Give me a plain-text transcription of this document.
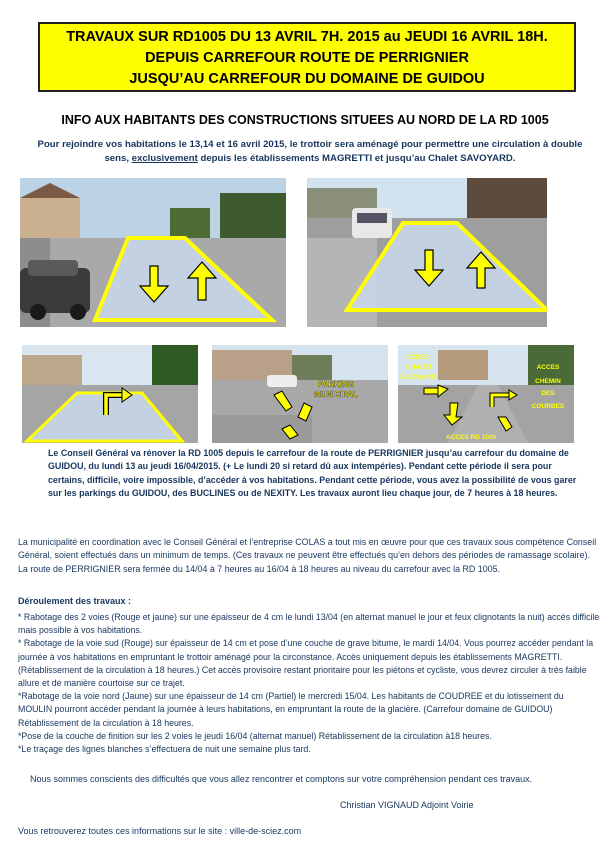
TRAVAUX SUR RD1005 DU 13 AVRIL 7H. 2015 au JEUDI 16 AVRIL 18H.
DEPUIS CARREFOUR ROUTE DE PERRIGNIER
JUSQU’AU CARREFOUR DU DOMAINE DE GUIDOU
INFO AUX HABITANTS DES CONSTRUCTIONS SITUEES AU NORD DE LA RD 1005
Pour rejoindre vos habitations le 13,14 et 16 avril 2015, le trottoir sera aménagé pour permettre une circulation à double sens, exclusivement depuis les établissements MAGRETTI et jusqu’au Chalet SAVOYARD.
PARKING
MUNICIPAL
ACCES
CHALET
SAVOYARD
ACCES
CHEMIN
DES
COURBES
ACCES RD 1005
Le Conseil Général va rénover la RD 1005 depuis le carrefour de la route de PERRIGNIER jusqu’au carrefour du domaine de GUIDOU, du lundi 13 au jeudi 16/04/2015. (+ Le lundi 20 si retard dû aux intempéries). Pendant cette période il sera pour certains, difficile, voire impossible, d’accéder à vos habitations. Pendant cette période, vous avez la possibilité de vous garer sur les parkings du GUIDOU, des BUCLINES ou de NEXITY. Les travaux auront lieu chaque jour, de 7 heures à 18 heures.
La municipalité en coordination avec le Conseil Général et l’entreprise COLAS a tout mis en œuvre pour que ces travaux sous compétence Conseil Général, soient effectués dans un minimum de temps. (Ces travaux ne peuvent être effectués qu’en dehors des périodes de ramassage scolaire). La route de PERRIGNIER sera fermée du 14/04 à 7 heures au 16/04 à 18 heures au niveau du carrefour avec la RD 1005.
Déroulement des travaux :

* Rabotage des 2 voies (Rouge et jaune) sur une épaisseur de 4 cm le lundi 13/04 (en alternat manuel le jour et feux clignotants la nuit) accès difficile mais possible à vos habitations.

* Rabotage de la voie sud (Rouge) sur épaisseur de 14 cm et pose d’une couche de grave bitume, le mardi 14/04. Vous pourrez accéder pendant la journée à vos habitations en empruntant le trottoir aménagé pour la circonstance. Accès uniquement depuis les établissements MAGRETTI. (Rétablissement de la circulation à 18 heures.) Cet accès provisoire restant prioritaire pour les piétons et cycliste, vous devrez circuler à très faible allure et de manière courtoise sur ce trajet.

*Rabotage de la voie nord (Jaune) sur une épaisseur de 14 cm (Partiel) le mercredi 15/04. Les habitants de COUDREE et du lotissement du MOULIN pourront accéder pendant la journée à leurs habitations, en empruntant la route de la glacière. (Carrefour domaine de GUIDOU) Rétablissement de la circulation à 18 heures.

*Pose de la couche de finition sur les 2 voies le jeudi 16/04 (alternat manuel) Rétablissement de la circulation à18 heures.

*Le traçage des lignes blanches s’effectuera de nuit une semaine plus tard.

Nous sommes conscients des difficultés que vous allez rencontrer et comptons sur votre compréhension pendant ces travaux.
Christian VIGNAUD Adjoint Voirie
Vous retrouverez toutes ces informations sur le site : ville-de-sciez.com
